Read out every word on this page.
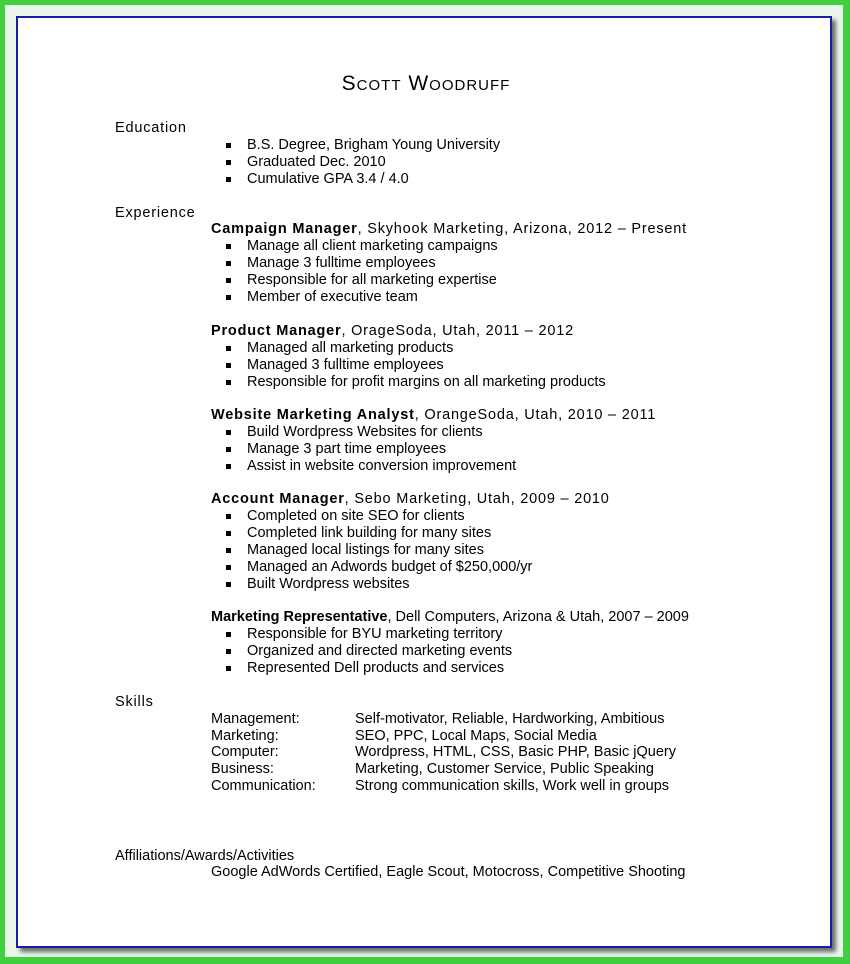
Scott Woodruff
Education
B.S. Degree, Brigham Young University
Graduated Dec. 2010
Cumulative GPA 3.4 / 4.0
Experience
Campaign Manager, Skyhook Marketing, Arizona, 2012 – Present
Manage all client marketing campaigns
Manage 3 fulltime employees
Responsible for all marketing expertise
Member of executive team
Product Manager, OrageSoda, Utah, 2011 – 2012
Managed all marketing products
Managed 3 fulltime employees
Responsible for profit margins on all marketing products
Website Marketing Analyst, OrangeSoda, Utah, 2010 – 2011
Build Wordpress Websites for clients
Manage 3 part time employees
Assist in website conversion improvement
Account Manager, Sebo Marketing, Utah, 2009 – 2010
Completed on site SEO for clients
Completed link building for many sites
Managed local listings for many sites
Managed an Adwords budget of $250,000/yr
Built Wordpress websites
Marketing Representative, Dell Computers, Arizona & Utah, 2007 – 2009
Responsible for BYU marketing territory
Organized and directed marketing events
Represented Dell products and services
Skills
Management:	Self-motivator, Reliable, Hardworking, Ambitious
Marketing:	SEO, PPC, Local Maps, Social Media
Computer:	Wordpress, HTML, CSS, Basic PHP, Basic jQuery
Business:	Marketing, Customer Service, Public Speaking
Communication:	Strong communication skills, Work well in groups
Affiliations/Awards/Activities
Google AdWords Certified, Eagle Scout, Motocross, Competitive Shooting
